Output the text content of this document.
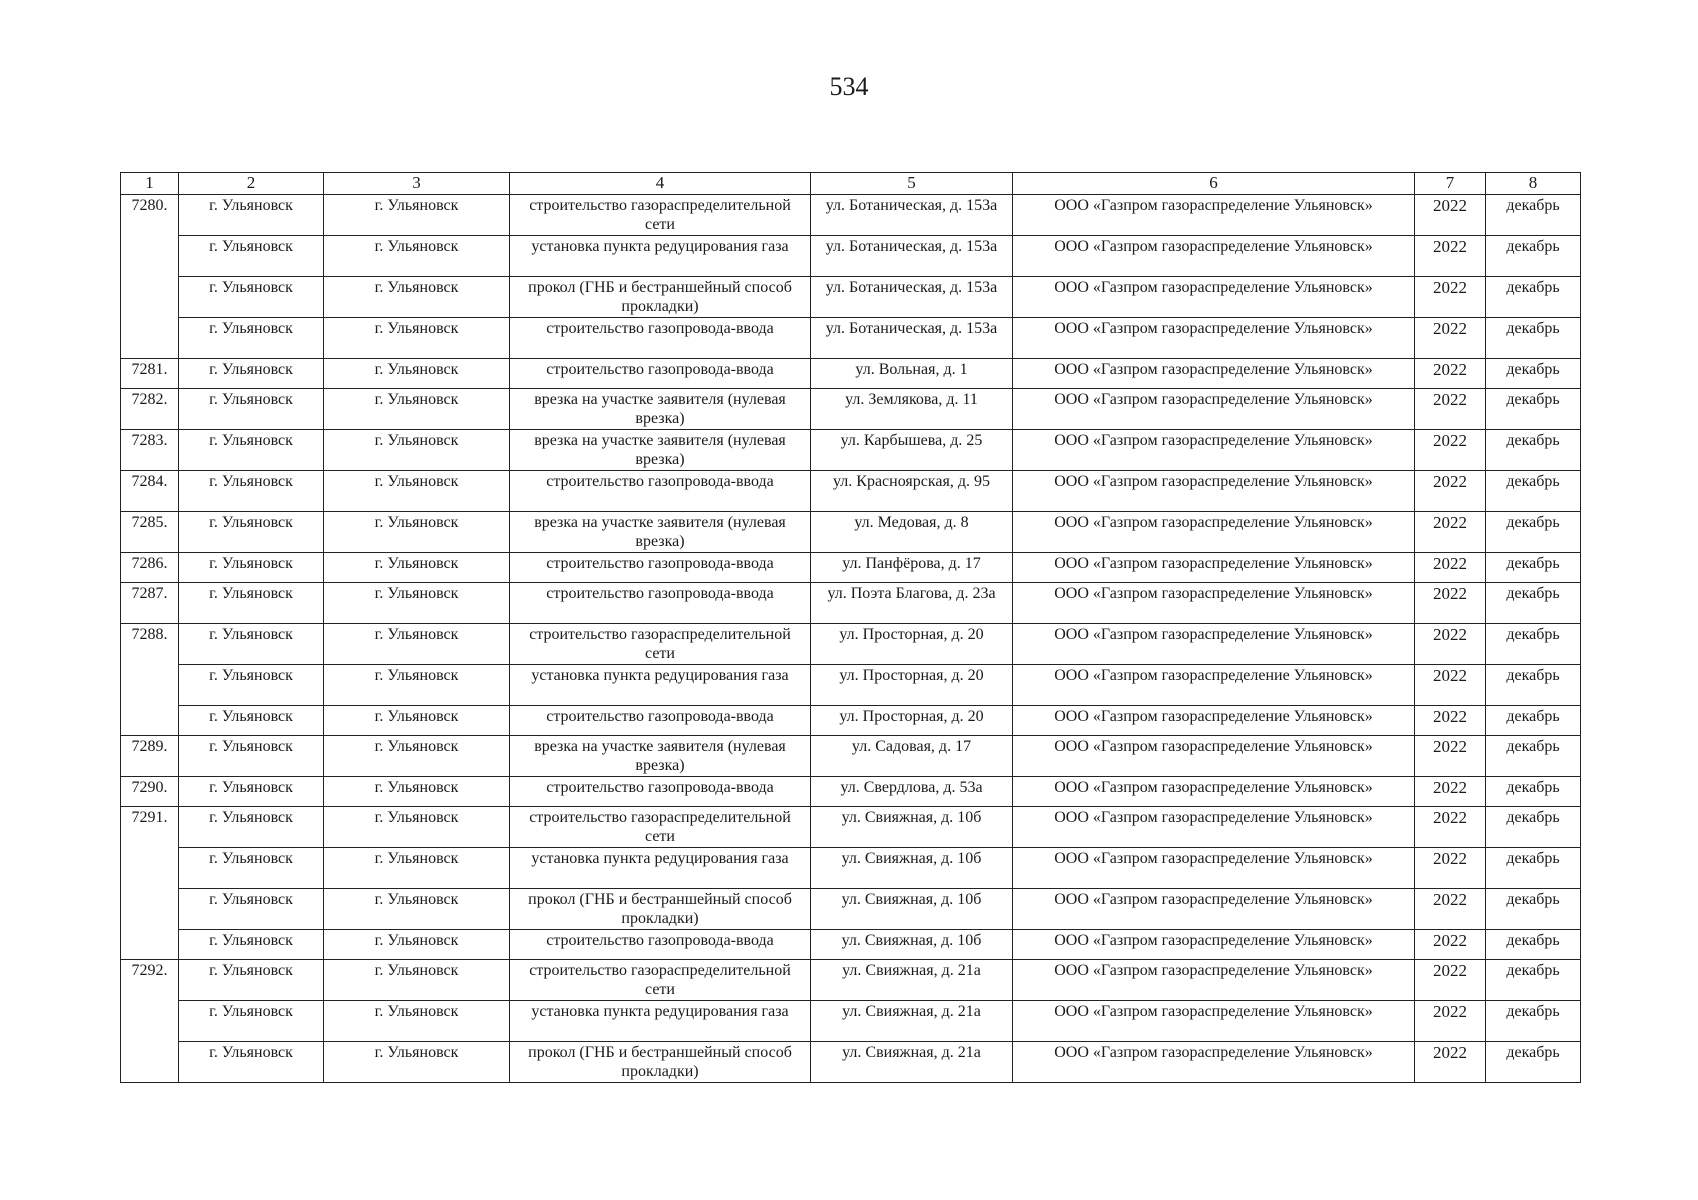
534
1	2	3	4	5	6	7	8
7280.	г. Ульяновск	г. Ульяновск	строительство газораспределительной сети	ул. Ботаническая, д. 153а	ООО «Газпром газораспределение Ульяновск»	2022	декабрь
	г. Ульяновск	г. Ульяновск	установка пункта редуцирования газа	ул. Ботаническая, д. 153а	ООО «Газпром газораспределение Ульяновск»	2022	декабрь
	г. Ульяновск	г. Ульяновск	прокол (ГНБ и бестраншейный способ прокладки)	ул. Ботаническая, д. 153а	ООО «Газпром газораспределение Ульяновск»	2022	декабрь
	г. Ульяновск	г. Ульяновск	строительство газопровода-ввода	ул. Ботаническая, д. 153а	ООО «Газпром газораспределение Ульяновск»	2022	декабрь
7281.	г. Ульяновск	г. Ульяновск	строительство газопровода-ввода	ул. Вольная, д. 1	ООО «Газпром газораспределение Ульяновск»	2022	декабрь
7282.	г. Ульяновск	г. Ульяновск	врезка на участке заявителя (нулевая врезка)	ул. Землякова, д. 11	ООО «Газпром газораспределение Ульяновск»	2022	декабрь
7283.	г. Ульяновск	г. Ульяновск	врезка на участке заявителя (нулевая врезка)	ул. Карбышева, д. 25	ООО «Газпром газораспределение Ульяновск»	2022	декабрь
7284.	г. Ульяновск	г. Ульяновск	строительство газопровода-ввода	ул. Красноярская, д. 95	ООО «Газпром газораспределение Ульяновск»	2022	декабрь
7285.	г. Ульяновск	г. Ульяновск	врезка на участке заявителя (нулевая врезка)	ул. Медовая, д. 8	ООО «Газпром газораспределение Ульяновск»	2022	декабрь
7286.	г. Ульяновск	г. Ульяновск	строительство газопровода-ввода	ул. Панфёрова, д. 17	ООО «Газпром газораспределение Ульяновск»	2022	декабрь
7287.	г. Ульяновск	г. Ульяновск	строительство газопровода-ввода	ул. Поэта Благова, д. 23а	ООО «Газпром газораспределение Ульяновск»	2022	декабрь
7288.	г. Ульяновск	г. Ульяновск	строительство газораспределительной сети	ул. Просторная, д. 20	ООО «Газпром газораспределение Ульяновск»	2022	декабрь
	г. Ульяновск	г. Ульяновск	установка пункта редуцирования газа	ул. Просторная, д. 20	ООО «Газпром газораспределение Ульяновск»	2022	декабрь
	г. Ульяновск	г. Ульяновск	строительство газопровода-ввода	ул. Просторная, д. 20	ООО «Газпром газораспределение Ульяновск»	2022	декабрь
7289.	г. Ульяновск	г. Ульяновск	врезка на участке заявителя (нулевая врезка)	ул. Садовая, д. 17	ООО «Газпром газораспределение Ульяновск»	2022	декабрь
7290.	г. Ульяновск	г. Ульяновск	строительство газопровода-ввода	ул. Свердлова, д. 53а	ООО «Газпром газораспределение Ульяновск»	2022	декабрь
7291.	г. Ульяновск	г. Ульяновск	строительство газораспределительной сети	ул. Свияжная, д. 10б	ООО «Газпром газораспределение Ульяновск»	2022	декабрь
	г. Ульяновск	г. Ульяновск	установка пункта редуцирования газа	ул. Свияжная, д. 10б	ООО «Газпром газораспределение Ульяновск»	2022	декабрь
	г. Ульяновск	г. Ульяновск	прокол (ГНБ и бестраншейный способ прокладки)	ул. Свияжная, д. 10б	ООО «Газпром газораспределение Ульяновск»	2022	декабрь
	г. Ульяновск	г. Ульяновск	строительство газопровода-ввода	ул. Свияжная, д. 10б	ООО «Газпром газораспределение Ульяновск»	2022	декабрь
7292.	г. Ульяновск	г. Ульяновск	строительство газораспределительной сети	ул. Свияжная, д. 21а	ООО «Газпром газораспределение Ульяновск»	2022	декабрь
	г. Ульяновск	г. Ульяновск	установка пункта редуцирования газа	ул. Свияжная, д. 21а	ООО «Газпром газораспределение Ульяновск»	2022	декабрь
	г. Ульяновск	г. Ульяновск	прокол (ГНБ и бестраншейный способ прокладки)	ул. Свияжная, д. 21а	ООО «Газпром газораспределение Ульяновск»	2022	декабрь
